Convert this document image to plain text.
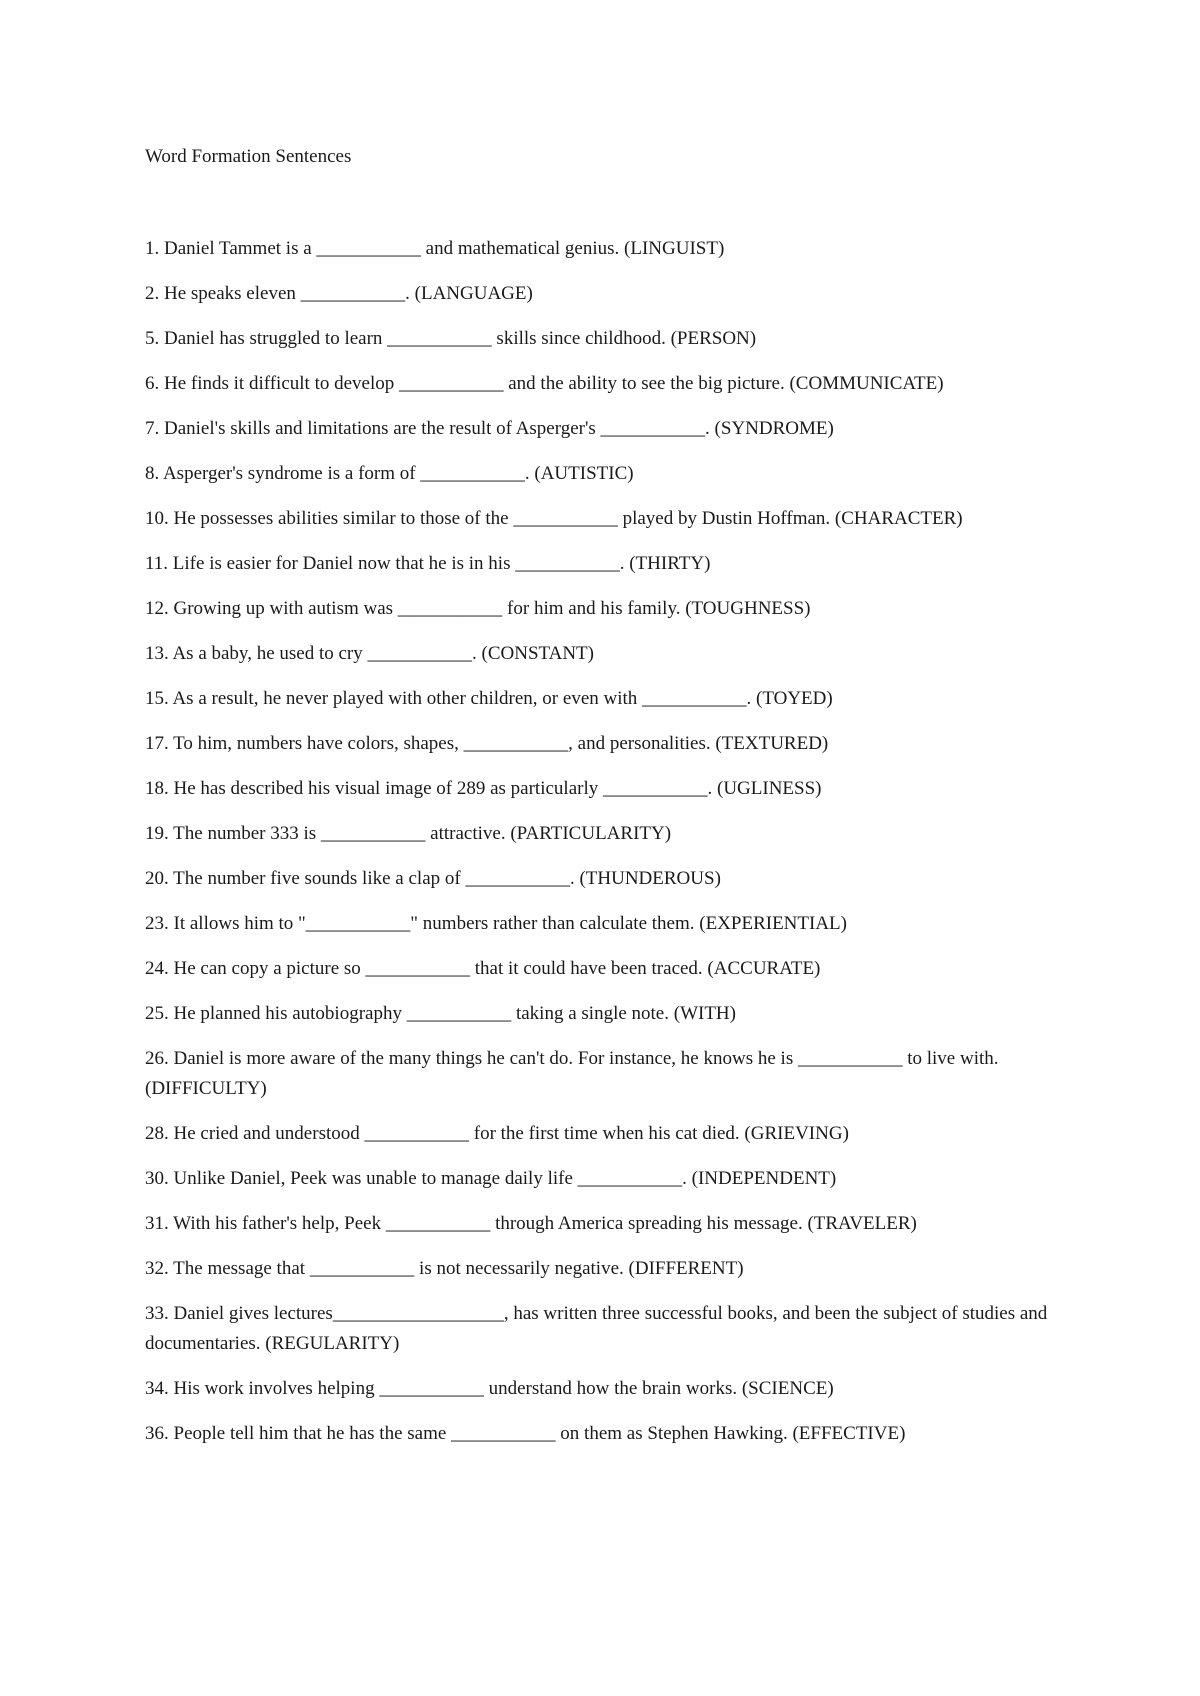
Word Formation Sentences

1. Daniel Tammet is a ___________ and mathematical genius. (LINGUIST)

2. He speaks eleven ___________. (LANGUAGE)

5. Daniel has struggled to learn ___________ skills since childhood. (PERSON)

6. He finds it difficult to develop ___________ and the ability to see the big picture. (COMMUNICATE)

7. Daniel's skills and limitations are the result of Asperger's ___________. (SYNDROME)

8. Asperger's syndrome is a form of ___________. (AUTISTIC)

10. He possesses abilities similar to those of the ___________ played by Dustin Hoffman. (CHARACTER)

11. Life is easier for Daniel now that he is in his ___________. (THIRTY)

12. Growing up with autism was ___________ for him and his family. (TOUGHNESS)

13. As a baby, he used to cry ___________. (CONSTANT)

15. As a result, he never played with other children, or even with ___________. (TOYED)

17. To him, numbers have colors, shapes, ___________, and personalities. (TEXTURED)

18. He has described his visual image of 289 as particularly ___________. (UGLINESS)

19. The number 333 is ___________ attractive. (PARTICULARITY)

20. The number five sounds like a clap of ___________. (THUNDEROUS)

23. It allows him to "___________" numbers rather than calculate them. (EXPERIENTIAL)

24. He can copy a picture so ___________ that it could have been traced. (ACCURATE)

25. He planned his autobiography ___________ taking a single note. (WITH)

26. Daniel is more aware of the many things he can't do. For instance, he knows he is ___________ to live with. (DIFFICULTY)

28. He cried and understood ___________ for the first time when his cat died. (GRIEVING)

30. Unlike Daniel, Peek was unable to manage daily life ___________. (INDEPENDENT)

31. With his father's help, Peek ___________ through America spreading his message. (TRAVELER)

32. The message that ___________ is not necessarily negative. (DIFFERENT)

33. Daniel gives lectures__________________, has written three successful books, and been the subject of studies and documentaries. (REGULARITY)

34. His work involves helping ___________ understand how the brain works. (SCIENCE)

36. People tell him that he has the same ___________ on them as Stephen Hawking. (EFFECTIVE)
